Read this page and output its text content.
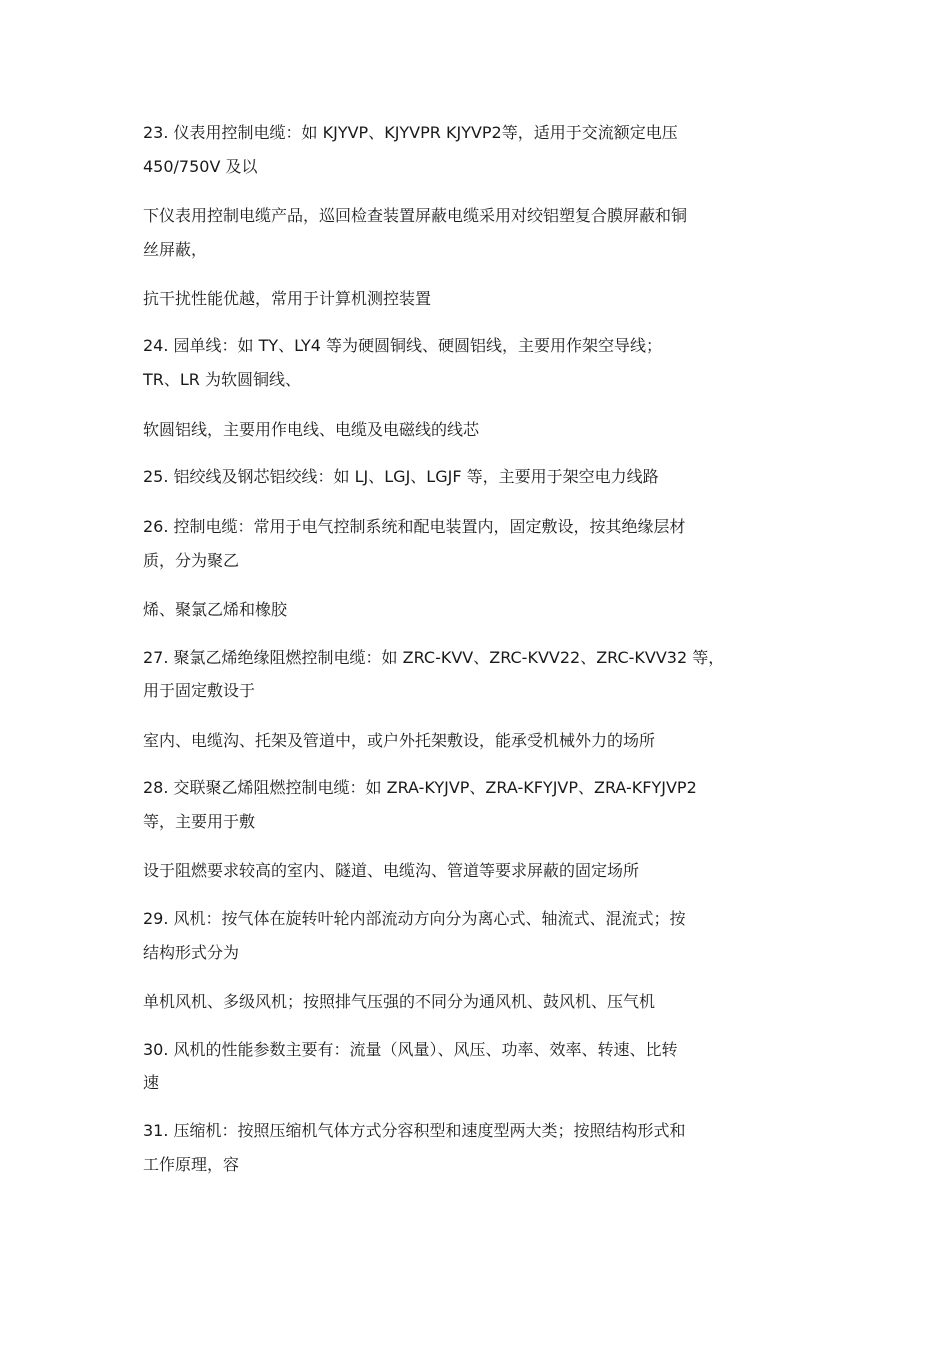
23. 仪表用控制电缆：如 KJYVP、KJYVPR KJYVP2等，适用于交流额定电压
450/750V 及以
下仪表用控制电缆产品，巡回检查装置屏蔽电缆采用对绞铝塑复合膜屏蔽和铜
丝屏蔽，
抗干扰性能优越，常用于计算机测控装置
24. 园单线：如 TY、LY4 等为硬圆铜线、硬圆铝线，主要用作架空导线；
TR、LR 为软圆铜线、
软圆铝线，主要用作电线、电缆及电磁线的线芯
25. 铝绞线及钢芯铝绞线：如 LJ、LGJ、LGJF 等，主要用于架空电力线路
26. 控制电缆：常用于电气控制系统和配电装置内，固定敷设，按其绝缘层材
质，分为聚乙
烯、聚氯乙烯和橡胶
27. 聚氯乙烯绝缘阻燃控制电缆：如 ZRC-KVV、ZRC-KVV22、ZRC-KVV32 等，
用于固定敷设于
室内、电缆沟、托架及管道中，或户外托架敷设，能承受机械外力的场所
28. 交联聚乙烯阻燃控制电缆：如 ZRA-KYJVP、ZRA-KFYJVP、ZRA-KFYJVP2
等，主要用于敷
设于阻燃要求较高的室内、隧道、电缆沟、管道等要求屏蔽的固定场所
29. 风机：按气体在旋转叶轮内部流动方向分为离心式、轴流式、混流式；按
结构形式分为
单机风机、多级风机；按照排气压强的不同分为通风机、鼓风机、压气机
30. 风机的性能参数主要有：流量（风量）、风压、功率、效率、转速、比转
速
31. 压缩机：按照压缩机气体方式分容积型和速度型两大类；按照结构形式和
工作原理，容
